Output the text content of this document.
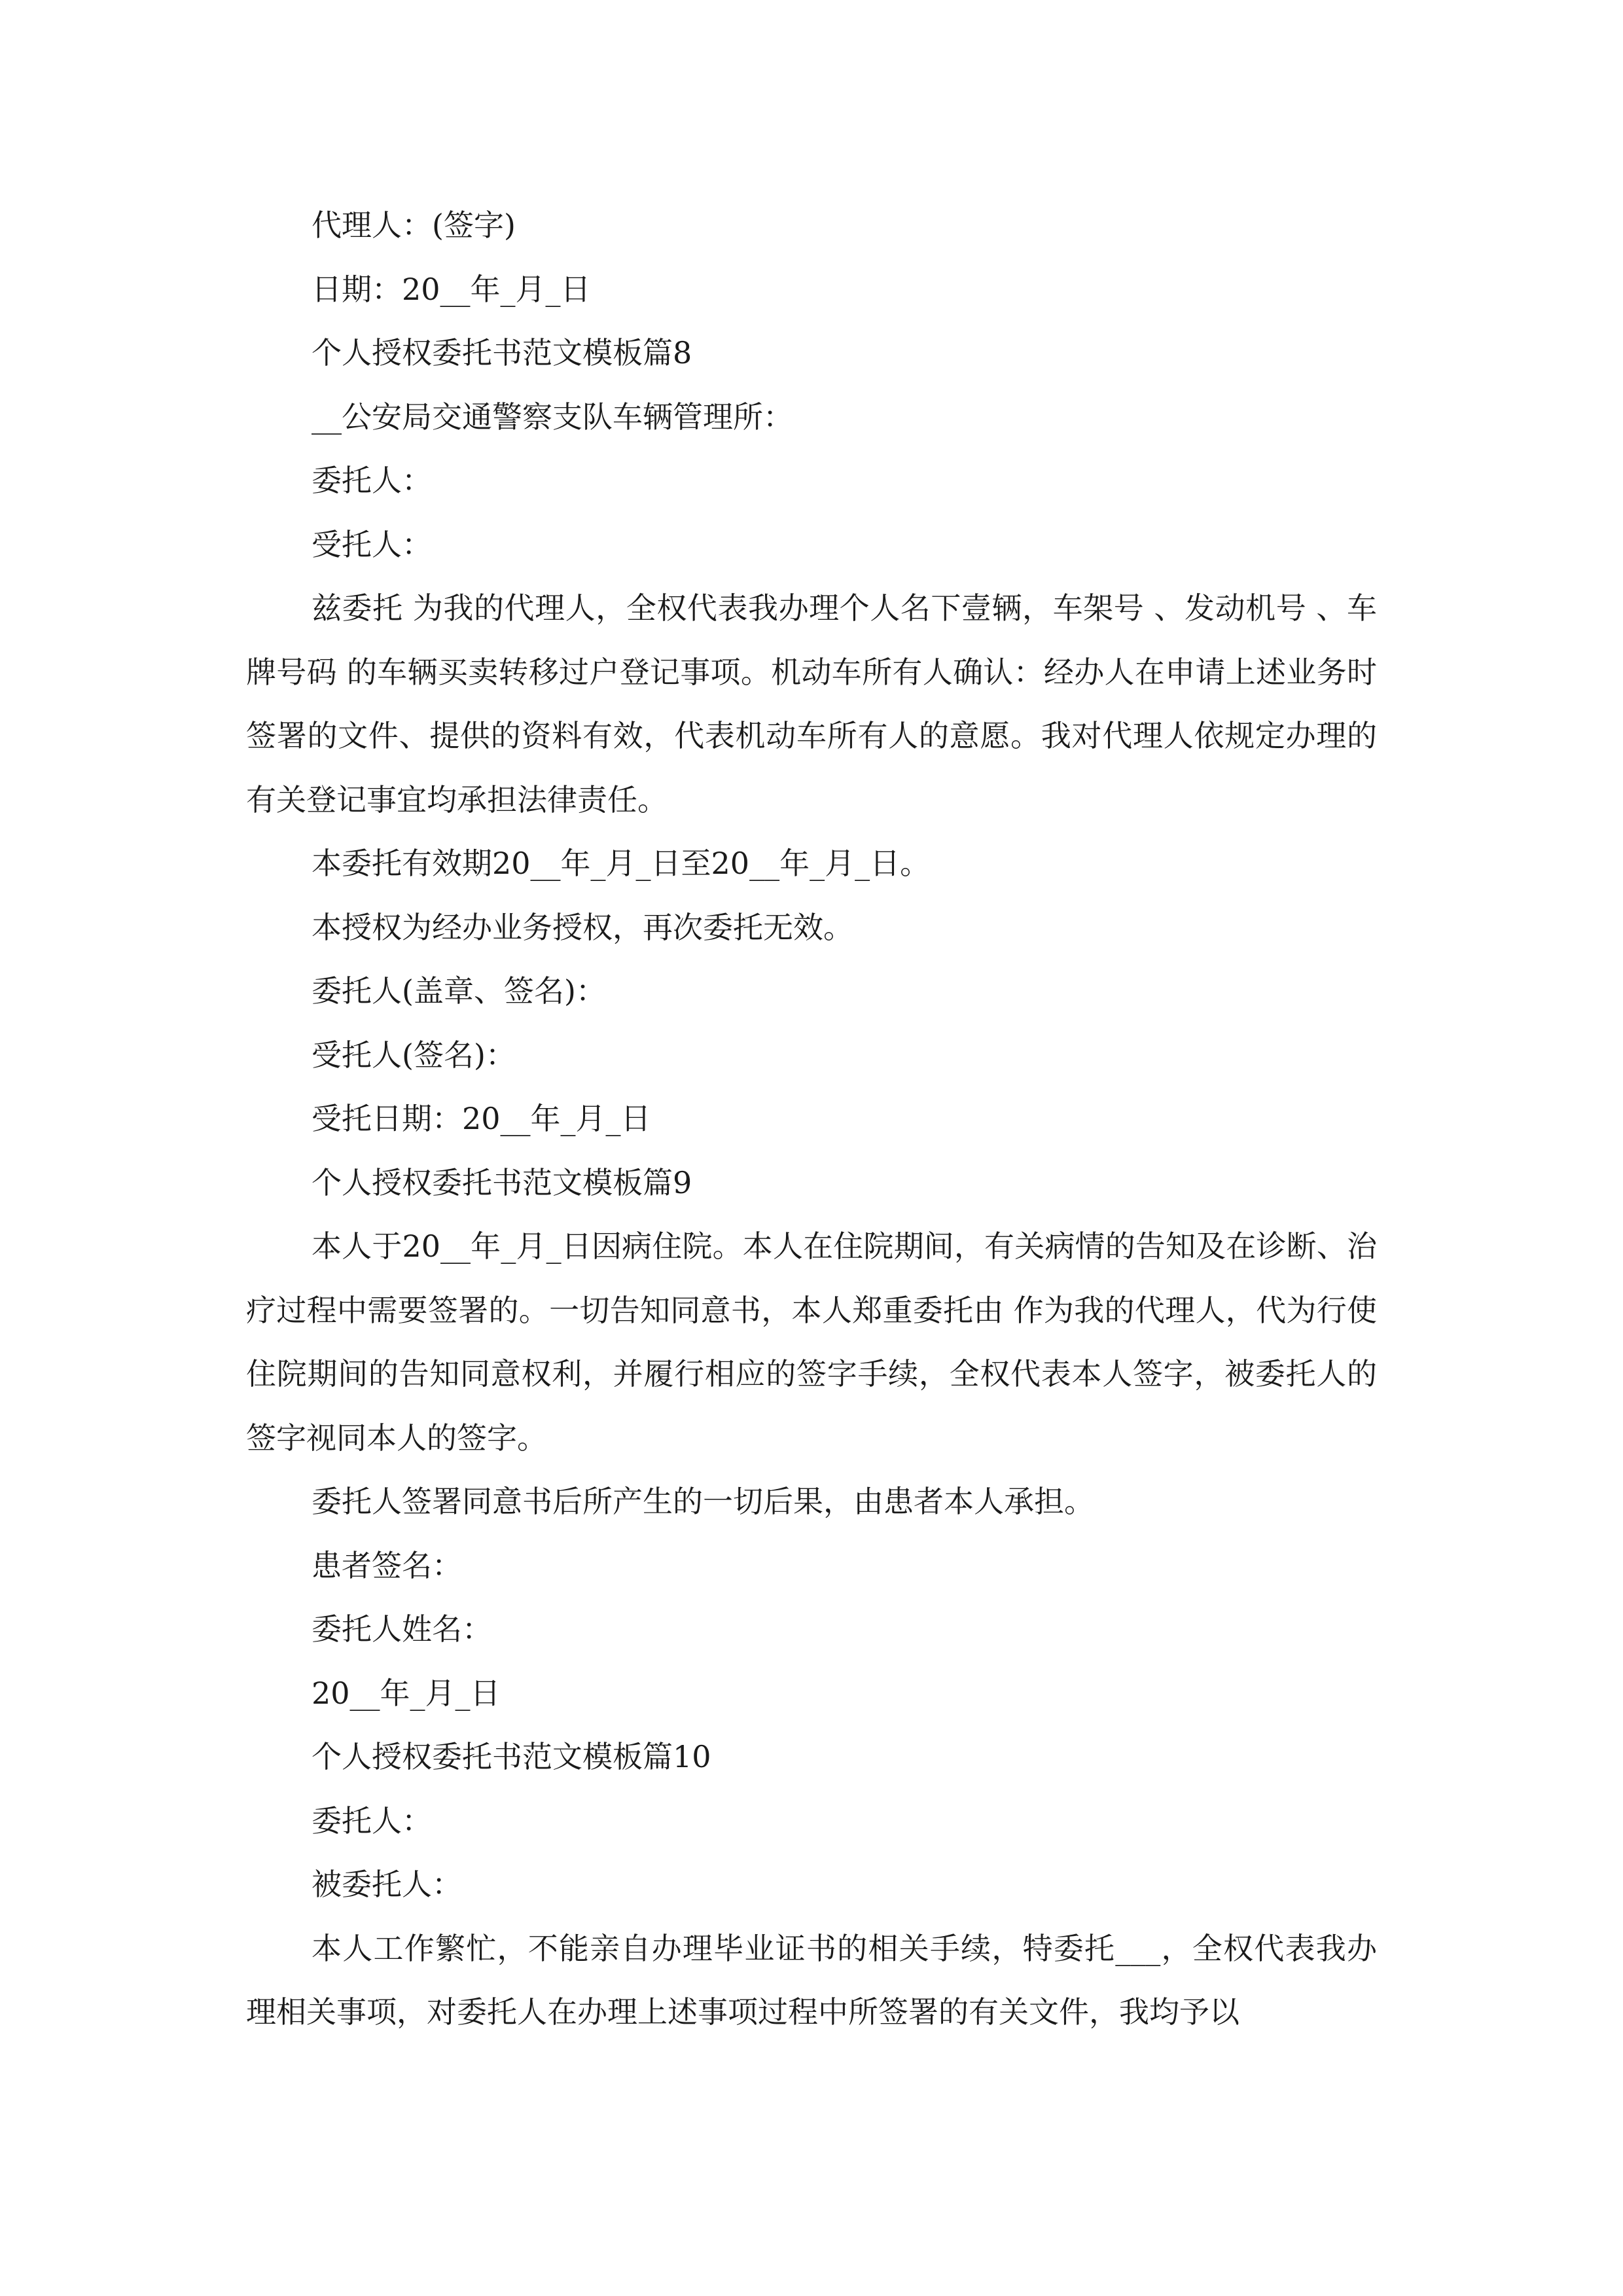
代理人：(签字)

日期：20__年_月_日

个人授权委托书范文模板篇8

__公安局交通警察支队车辆管理所：

委托人：

受托人：

兹委托 为我的代理人，全权代表我办理个人名下壹辆，车架号 、发动机号 、车牌号码 的车辆买卖转移过户登记事项。机动车所有人确认：经办人在申请上述业务时签署的文件、提供的资料有效，代表机动车所有人的意愿。我对代理人依规定办理的有关登记事宜均承担法律责任。

本委托有效期20__年_月_日至20__年_月_日。

本授权为经办业务授权，再次委托无效。

委托人(盖章、签名)：

受托人(签名)：

受托日期：20__年_月_日

个人授权委托书范文模板篇9

本人于20__年_月_日因病住院。本人在住院期间，有关病情的告知及在诊断、治疗过程中需要签署的。一切告知同意书，本人郑重委托由 作为我的代理人，代为行使住院期间的告知同意权利，并履行相应的签字手续，全权代表本人签字，被委托人的签字视同本人的签字。

委托人签署同意书后所产生的一切后果，由患者本人承担。

患者签名：

委托人姓名：

20__年_月_日

个人授权委托书范文模板篇10

委托人：

被委托人：

本人工作繁忙，不能亲自办理毕业证书的相关手续，特委托___，全权代表我办理相关事项，对委托人在办理上述事项过程中所签署的有关文件，我均予以
